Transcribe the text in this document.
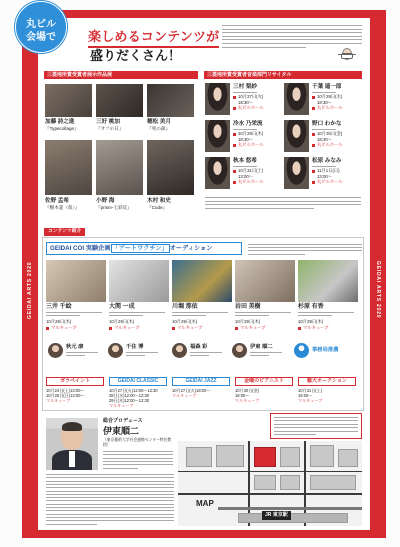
GEIDAI ARTS 2020	GEIDAI ARTS 2020
丸ビル
会場で	楽しめるコンテンツが
盛りだくさん！
三菱地所賞受賞者展示作品展	三菱地所賞受賞者音楽部門リサイタル
コンテンツ紹介
GEIDAI COI 実験企画 「アートワクチン」 オーディション
総合プロデュース
伊東順二
（東京藝術大学社会連携センター特任教授）
MAP
JR 東京駅
加藤 詩之進
『Typecollage』
三好 桃加
『オフの日』
穂松 美月
『死の森』
佐野 孟希
『樹木霊（仮）』
小野 海
『prism-七彩反』
木村 和史
『Code』
三村 梨紗
10月27日(火)
18:30〜
丸ビルホール
千葉 遥一郎
10月28日(水)
18:30〜
丸ビルホール
冷水 乃栄流
10月29日(木)
18:30〜
丸ビルホール
野口 わかな
10月30日(金)
18:30〜
丸ビルホール
秋本 悠希
10月31日(土)
13:00〜
丸ビルホール
松原 みなみ
11月1日(日)
13:00〜
丸ビルホール
三井 千絵
10月29日(木)
マルキューブ
大関 一成
10月29日(木)
マルキューブ
川堀 那依
10月29日(木)
マルキューブ
岩田 美樹
10月29日(木)
マルキューブ
杉原 有香
10月29日(木)
マルキューブ
秋元 康	千住 博	福森 彩	伊東 順二	事務局推薦
ガラペイント
10月24日(土)13:00〜
10月25日(日)13:00〜
マルキューブ
GEIDAI CLASSIC
10月27日(火)12:00〜12:30
28日(水)12:00〜12:30
29日(木)12:00〜12:30
マルキューブ
GEIDAI JAZZ
10月27日(火)18:00〜
マルキューブ
金曜のピアニスト
10月30日(金)
18:00〜
マルキューブ
藝大オークション
10月31日(土)
16:00〜
マルキューブ
